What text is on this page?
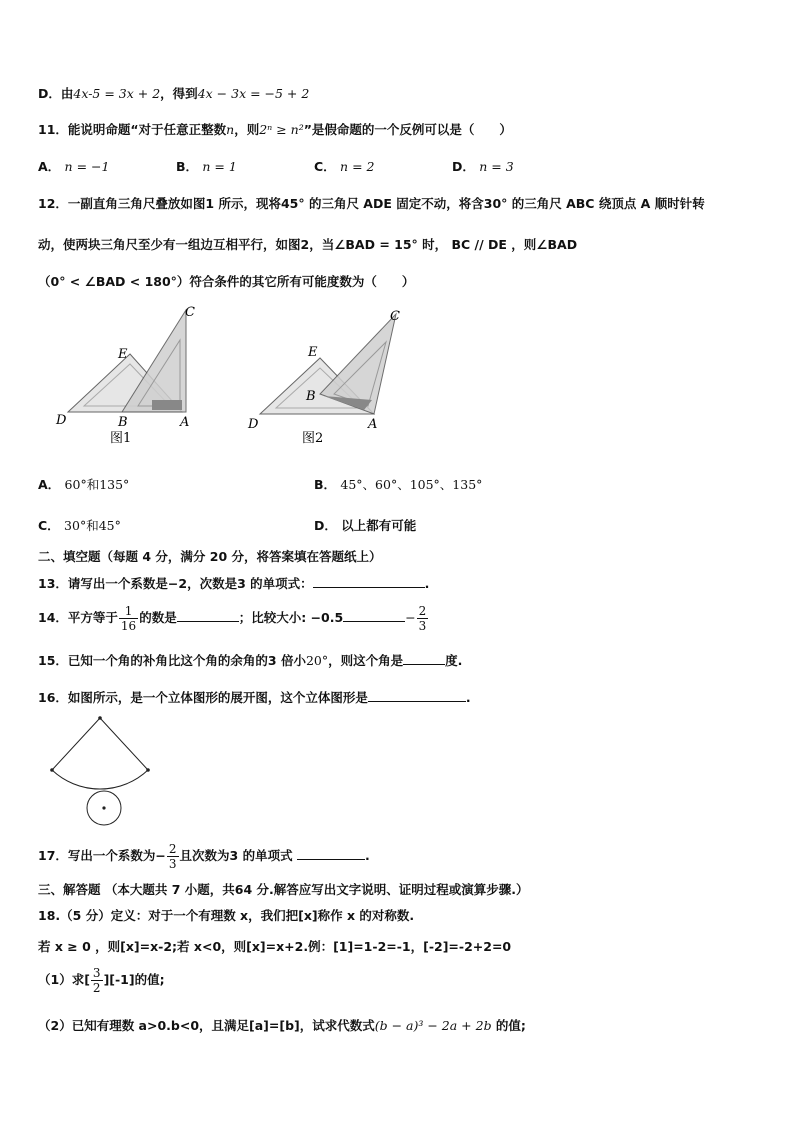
D．由4x-5 = 3x + 2，得到4x − 3x = −5 + 2
11．能说明命题“对于任意正整数n，则2ⁿ ≥ n²”是假命题的一个反例可以是（　　）
A． n = −1	B． n = 1	C． n = 2	D． n = 3
12．一副直角三角尺叠放如图1 所示，现将45° 的三角尺 ADE 固定不动，将含30° 的三角尺 ABC 绕顶点 A 顺时针转
动，使两块三角尺至少有一组边互相平行，如图2，当∠BAD = 15° 时， BC // DE ，则∠BAD
（0° < ∠BAD < 180°）符合条件的其它所有可能度数为（　　）
C
E
D	B	A
图1
C
E
B
D	A
图2
A． 60°和135°	B． 45°、60°、105°、135°
C． 30°和45°	D． 以上都有可能
二、填空题（每题 4 分，满分 20 分，将答案填在答题纸上）
13．请写出一个系数是−2，次数是3 的单项式：	.
14．平方等于 $\frac{1}{16}$ 的数是	；比较大小: −0.5	− $\frac{2}{3}$
15．已知一个角的补角比这个角的余角的3 倍小20°，则这个角是	度.
16．如图所示，是一个立体图形的展开图，这个立体图形是	.
17．写出一个系数为− $\frac{2}{3}$ 且次数为3 的单项式	.
三、解答题 （本大题共 7 小题，共64 分.解答应写出文字说明、证明过程或演算步骤.）
18.（5 分）定义：对于一个有理数 x，我们把[x]称作 x 的对称数.
若 x ≥ 0 ，则[x]=x-2;若 x<0，则[x]=x+2.例：[1]=1-2=-1，[-2]=-2+2=0
（1）求[ $\frac{3}{2} ][-1]$的值;
（2）已知有理数 a>0.b<0，且满足[a]=[b]，试求代数式(b − a)³ − 2a + 2b 的值;
